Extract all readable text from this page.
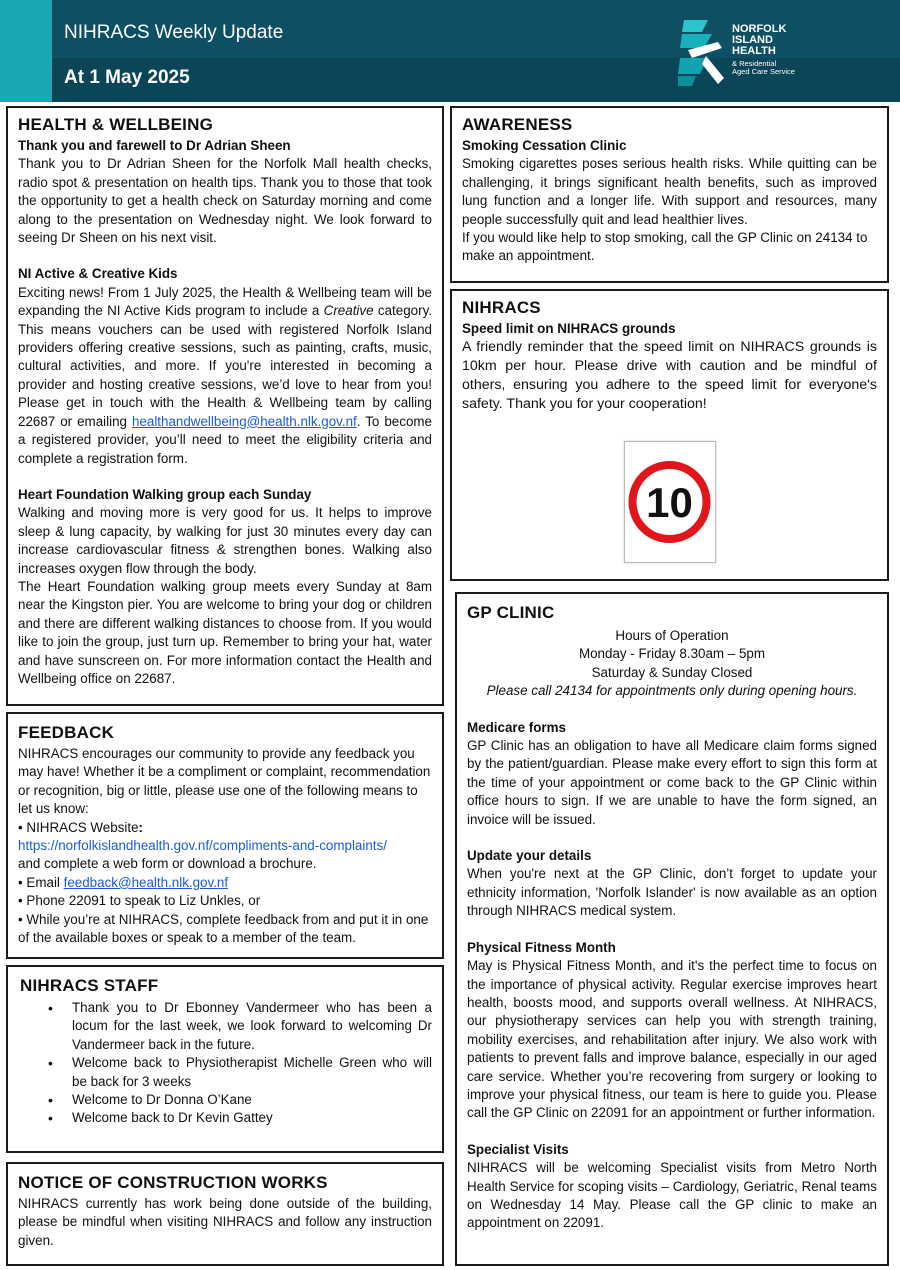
NIHRACS Weekly Update
At 1 May 2025
NORFOLK
ISLAND
HEALTH
& Residential
Aged Care Service
HEALTH & WELLBEING
Thank you and farewell to Dr Adrian Sheen

Thank you to Dr Adrian Sheen for the Norfolk Mall health checks, radio spot & presentation on health tips. Thank you to those that took the opportunity to get a health check on Saturday morning and come along to the presentation on Wednesday night. We look forward to seeing Dr Sheen on his next visit.

NI Active & Creative Kids

Exciting news! From 1 July 2025, the Health & Wellbeing team will be expanding the NI Active Kids program to include a Creative category. This means vouchers can be used with registered Norfolk Island providers offering creative sessions, such as painting, crafts, music, cultural activities, and more. If you're interested in becoming a provider and hosting creative sessions, we’d love to hear from you! Please get in touch with the Health & Wellbeing team by calling 22687 or emailing healthandwellbeing@health.nlk.gov.nf. To become a registered provider, you’ll need to meet the eligibility criteria and complete a registration form.

Heart Foundation Walking group each Sunday

Walking and moving more is very good for us. It helps to improve sleep & lung capacity, by walking for just 30 minutes every day can increase cardiovascular fitness & strengthen bones. Walking also increases oxygen flow through the body.

The Heart Foundation walking group meets every Sunday at 8am near the Kingston pier. You are welcome to bring your dog or children and there are different walking distances to choose from. If you would like to join the group, just turn up. Remember to bring your hat, water and have sunscreen on. For more information contact the Health and Wellbeing office on 22687.

FEEDBACK

NIHRACS encourages our community to provide any feedback you may have! Whether it be a compliment or complaint, recommendation or recognition, big or little, please use one of the following means to let us know:

• NIHRACS Website:
https://norfolkislandhealth.gov.nf/compliments-and-complaints/
and complete a web form or download a brochure.
• Email feedback@health.nlk.gov.nf
• Phone 22091 to speak to Liz Unkles, or
• While you’re at NIHRACS, complete feedback from and put it in one of the available boxes or speak to a member of the team.
NIHRACS STAFF
• Thank you to Dr Ebonney Vandermeer who has been a locum for the last week, we look forward to welcoming Dr Vandermeer back in the future.
• Welcome back to Physiotherapist Michelle Green who will be back for 3 weeks
• Welcome to Dr Donna O’Kane
• Welcome back to Dr Kevin Gattey
NOTICE OF CONSTRUCTION WORKS

NIHRACS currently has work being done outside of the building, please be mindful when visiting NIHRACS and follow any instruction given.

AWARENESS
Smoking Cessation Clinic

Smoking cigarettes poses serious health risks. While quitting can be challenging, it brings significant health benefits, such as improved lung function and a longer life. With support and resources, many people successfully quit and lead healthier lives.

If you would like help to stop smoking, call the GP Clinic on 24134 to make an appointment.

NIHRACS
Speed limit on NIHRACS grounds

A friendly reminder that the speed limit on NIHRACS grounds is 10km per hour. Please drive with caution and be mindful of others, ensuring you adhere to the speed limit for everyone's safety. Thank you for your cooperation!

10
GP CLINIC

Hours of Operation

Monday - Friday 8.30am – 5pm

Saturday & Sunday Closed

Please call 24134 for appointments only during opening hours.

Medicare forms

GP Clinic has an obligation to have all Medicare claim forms signed by the patient/guardian. Please make every effort to sign this form at the time of your appointment or come back to the GP Clinic within office hours to sign. If we are unable to have the form signed, an invoice will be issued.

Update your details

When you're next at the GP Clinic, don’t forget to update your ethnicity information, 'Norfolk Islander' is now available as an option through NIHRACS medical system.

Physical Fitness Month

May is Physical Fitness Month, and it's the perfect time to focus on the importance of physical activity. Regular exercise improves heart health, boosts mood, and supports overall wellness. At NIHRACS, our physiotherapy services can help you with strength training, mobility exercises, and rehabilitation after injury. We also work with patients to prevent falls and improve balance, especially in our aged care service. Whether you’re recovering from surgery or looking to improve your physical fitness, our team is here to guide you. Please call the GP Clinic on 22091 for an appointment or further information.

Specialist Visits

NIHRACS will be welcoming Specialist visits from Metro North Health Service for scoping visits – Cardiology, Geriatric, Renal teams on Wednesday 14 May. Please call the GP clinic to make an appointment on 22091.
